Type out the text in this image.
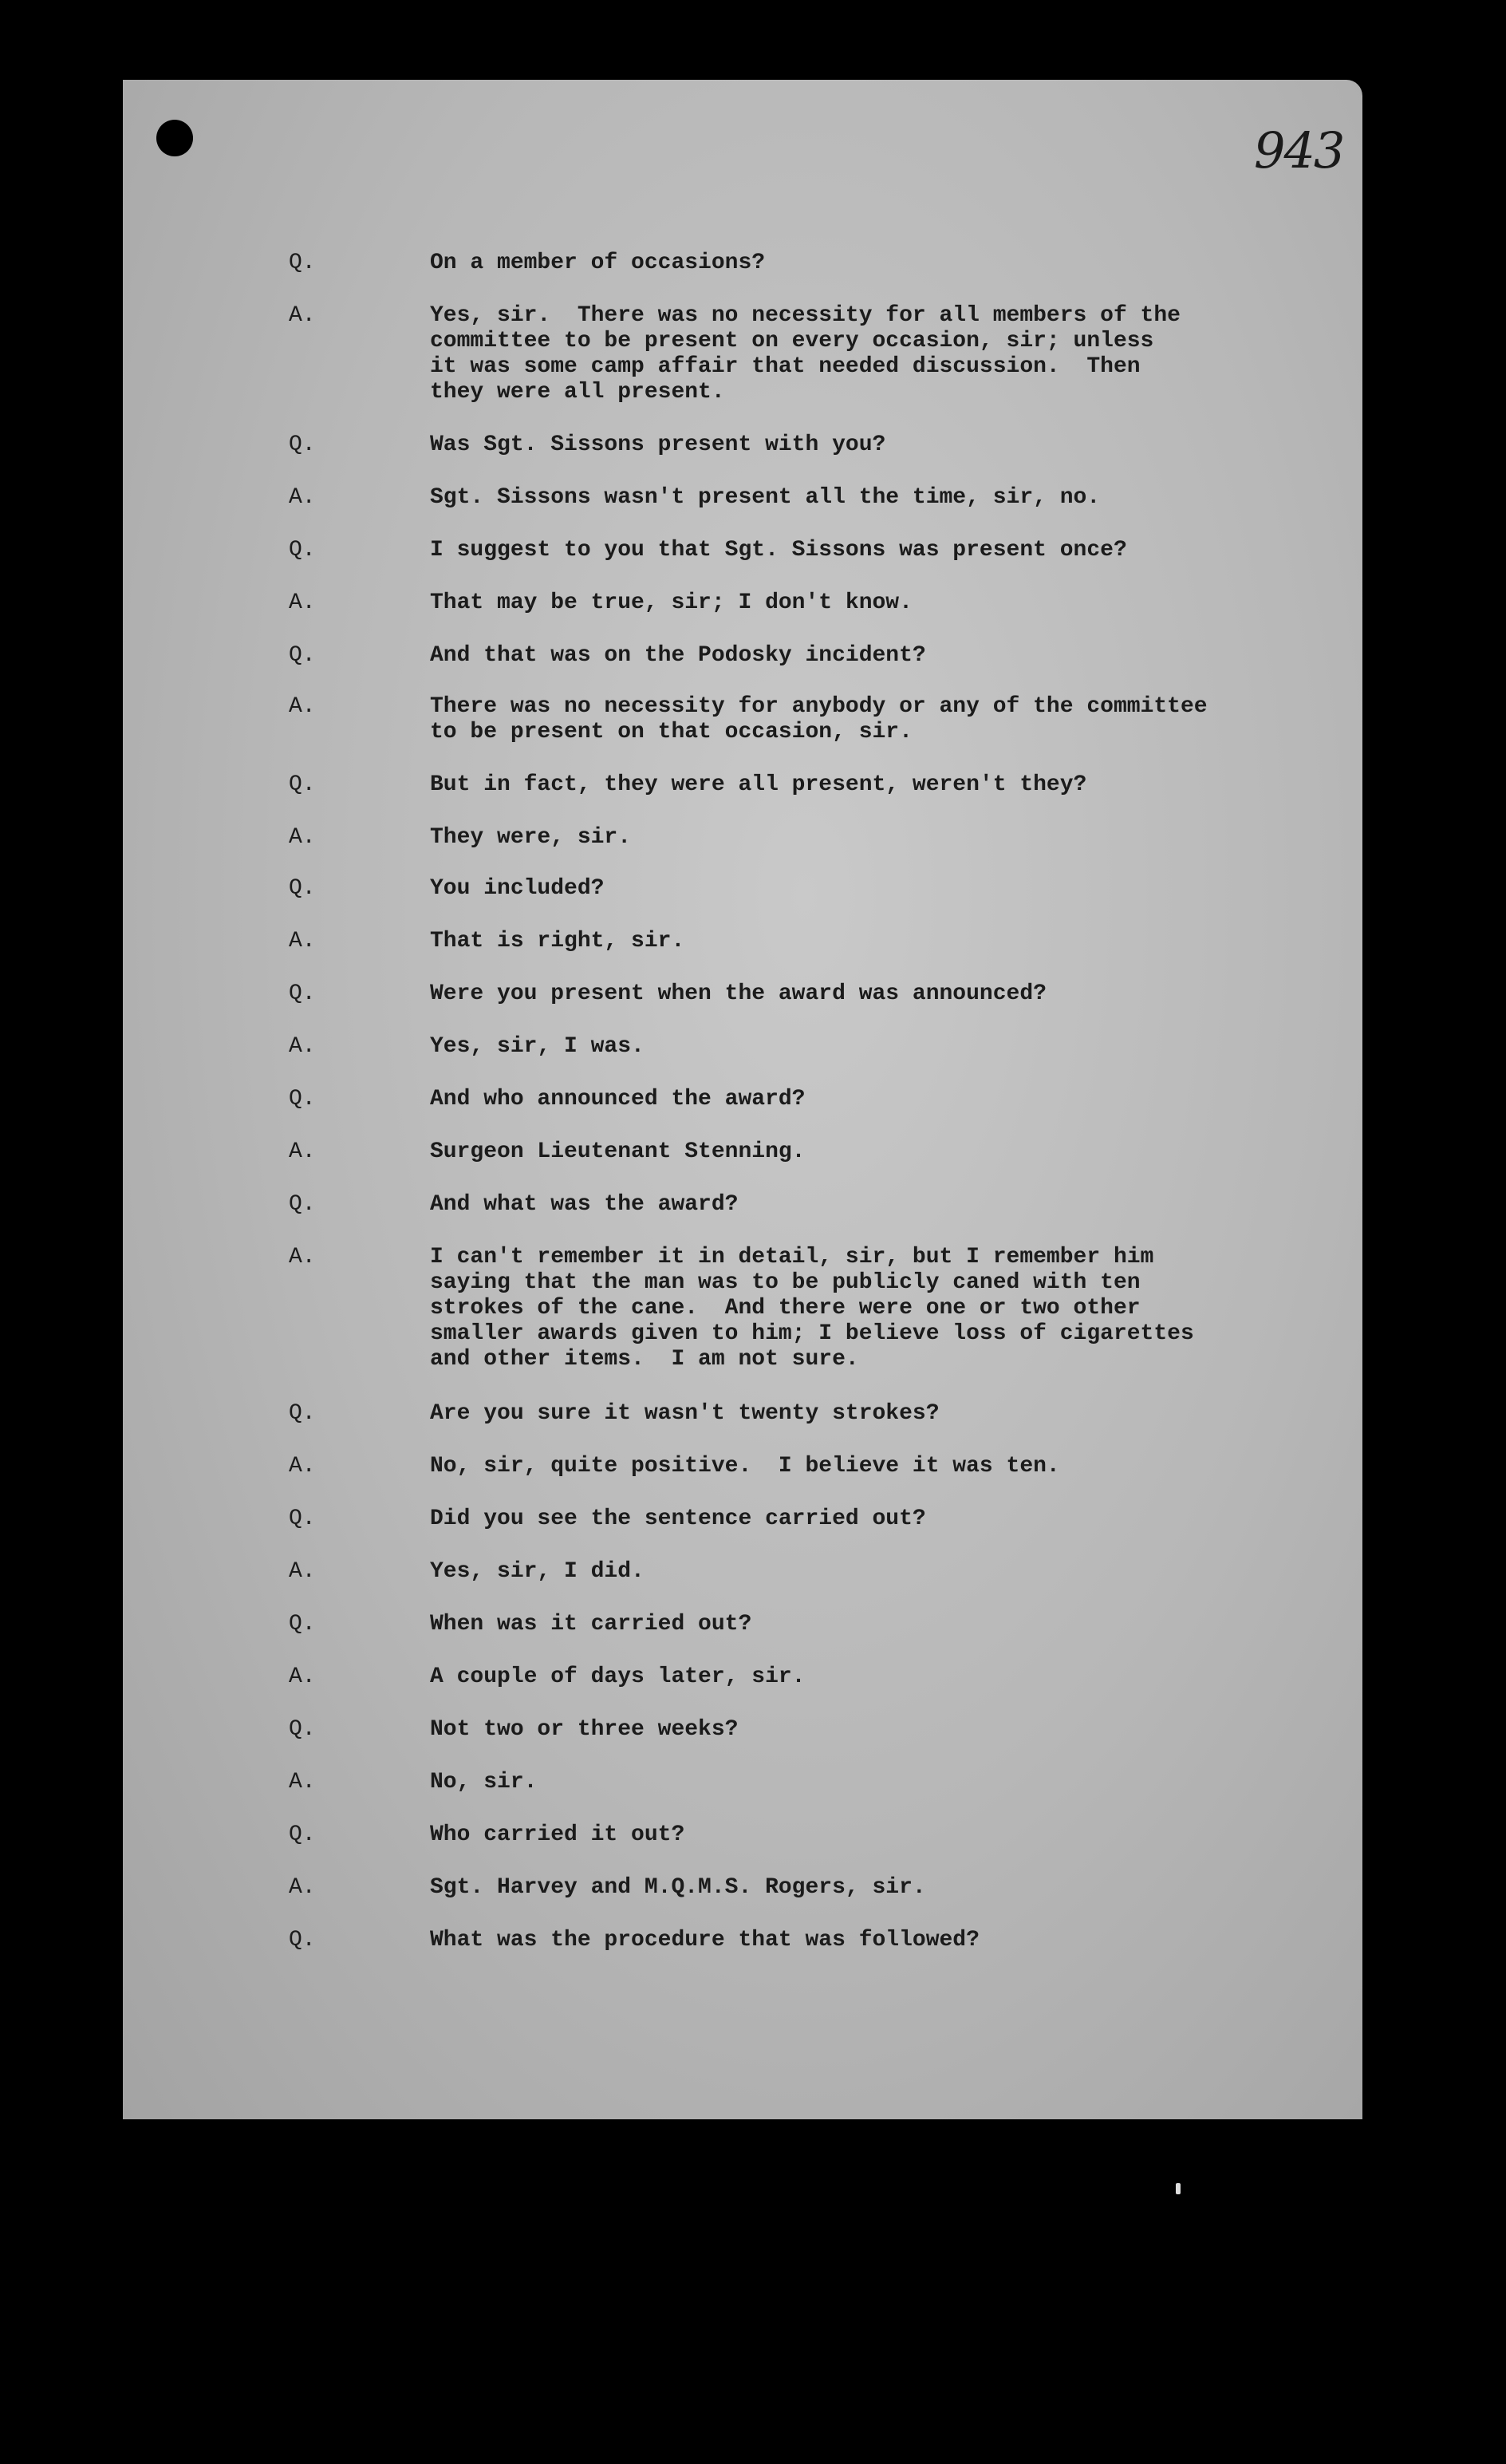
943
Q.	On a member of occasions?
A.	Yes, sir.  There was no necessity for all members of the
committee to be present on every occasion, sir; unless
it was some camp affair that needed discussion.  Then
they were all present.
Q.	Was Sgt. Sissons present with you?
A.	Sgt. Sissons wasn't present all the time, sir, no.
Q.	I suggest to you that Sgt. Sissons was present once?
A.	That may be true, sir; I don't know.
Q.	And that was on the Podosky incident?
A.	There was no necessity for anybody or any of the committee
to be present on that occasion, sir.
Q.	But in fact, they were all present, weren't they?
A.	They were, sir.
Q.	You included?
A.	That is right, sir.
Q.	Were you present when the award was announced?
A.	Yes, sir, I was.
Q.	And who announced the award?
A.	Surgeon Lieutenant Stenning.
Q.	And what was the award?
A.	I can't remember it in detail, sir, but I remember him
saying that the man was to be publicly caned with ten
strokes of the cane.  And there were one or two other
smaller awards given to him; I believe loss of cigarettes
and other items.  I am not sure.
Q.	Are you sure it wasn't twenty strokes?
A.	No, sir, quite positive.  I believe it was ten.
Q.	Did you see the sentence carried out?
A.	Yes, sir, I did.
Q.	When was it carried out?
A.	A couple of days later, sir.
Q.	Not two or three weeks?
A.	No, sir.
Q.	Who carried it out?
A.	Sgt. Harvey and M.Q.M.S. Rogers, sir.
Q.	What was the procedure that was followed?
